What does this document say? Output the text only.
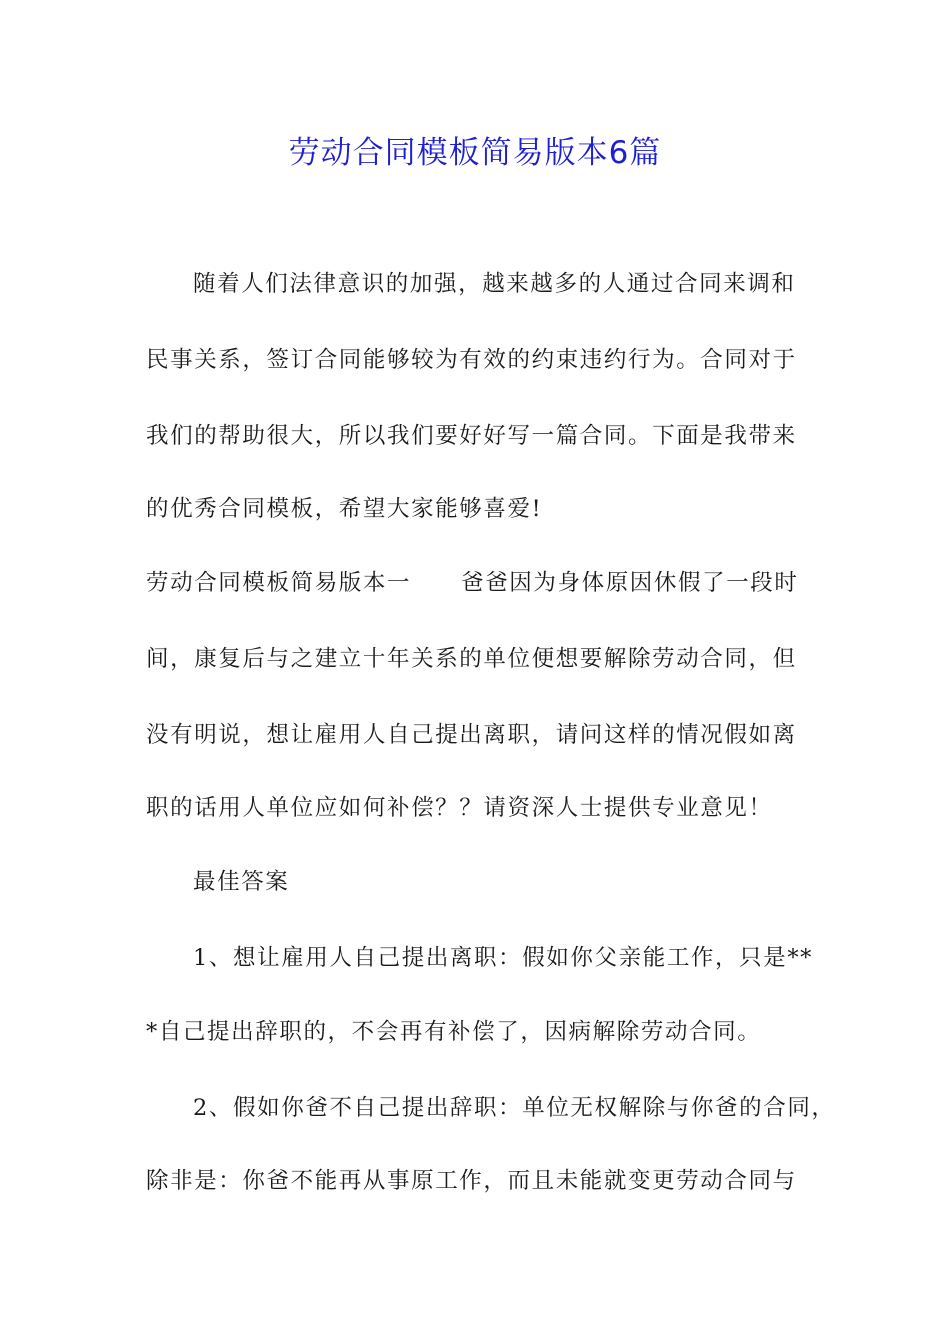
劳动合同模板简易版本6篇
随着人们法律意识的加强，越来越多的人通过合同来调和
民事关系，签订合同能够较为有效的约束违约行为。合同对于
我们的帮助很大，所以我们要好好写一篇合同。下面是我带来
的优秀合同模板，希望大家能够喜爱!
劳动合同模板简易版本一 爸爸因为身体原因休假了一段时
间，康复后与之建立十年关系的单位便想要解除劳动合同，但
没有明说，想让雇用人自己提出离职，请问这样的情况假如离
职的话用人单位应如何补偿？？请资深人士提供专业意见！
最佳答案
1、想让雇用人自己提出离职：假如你父亲能工作，只是**
*自己提出辞职的，不会再有补偿了，因病解除劳动合同。
2、假如你爸不自己提出辞职：单位无权解除与你爸的合同，
除非是：你爸不能再从事原工作，而且未能就变更劳动合同与
